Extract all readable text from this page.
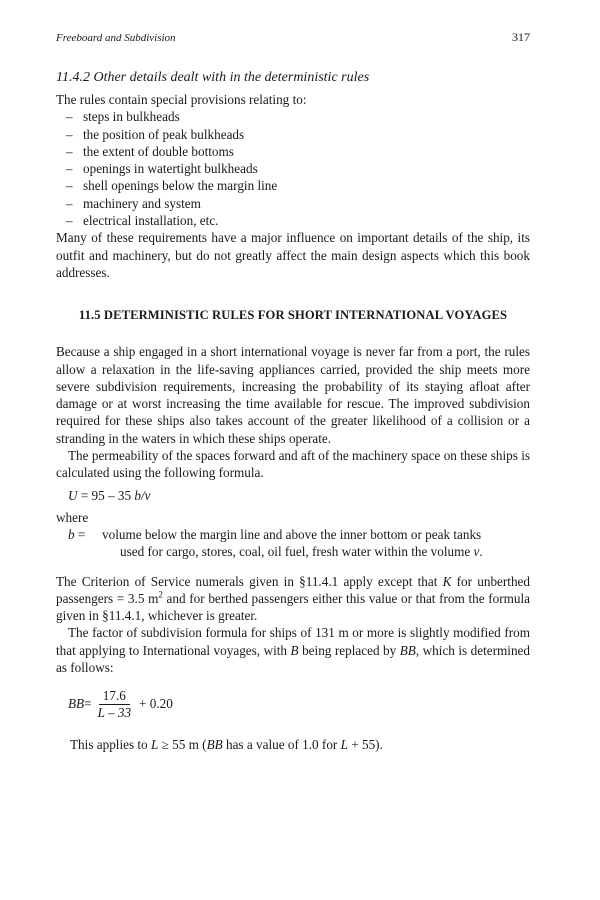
Freeboard and Subdivision	317
11.4.2 Other details dealt with in the deterministic rules

The rules contain special provisions relating to:

– steps in bulkheads
– the position of peak bulkheads
– the extent of double bottoms
– openings in watertight bulkheads
– shell openings below the margin line
– machinery and system
– electrical installation, etc.

Many of these requirements have a major influence on important details of the ship, its outfit and machinery, but do not greatly affect the main design aspects which this book addresses.

11.5 DETERMINISTIC RULES FOR SHORT INTERNATIONAL VOYAGES

Because a ship engaged in a short international voyage is never far from a port, the rules allow a relaxation in the life-saving appliances carried, provided the ship meets more severe subdivision requirements, increasing the probability of its staying afloat after damage or at worst increasing the time available for rescue. The improved subdivision required for these ships also takes account of the greater likelihood of a collision or a stranding in the waters in which these ships operate.

The permeability of the spaces forward and aft of the machinery space on these ships is calculated using the following formula.

U = 95 – 35 b/v
where
b = volume below the margin line and above the inner bottom or peak tanks
used for cargo, stores, coal, oil fuel, fresh water within the volume v.

The Criterion of Service numerals given in §11.4.1 apply except that K for unberthed passengers = 3.5 $m^2$ and for berthed passengers either this value or that from the formula given in §11.4.1, whichever is greater.

The factor of subdivision formula for ships of 131 m or more is slightly modified from that applying to International voyages, with B being replaced by BB, which is determined as follows:

BB = $\frac{17.6}{L - 33} + 0.20$

This applies to L ≥ 55 m (BB has a value of 1.0 for L + 55).
